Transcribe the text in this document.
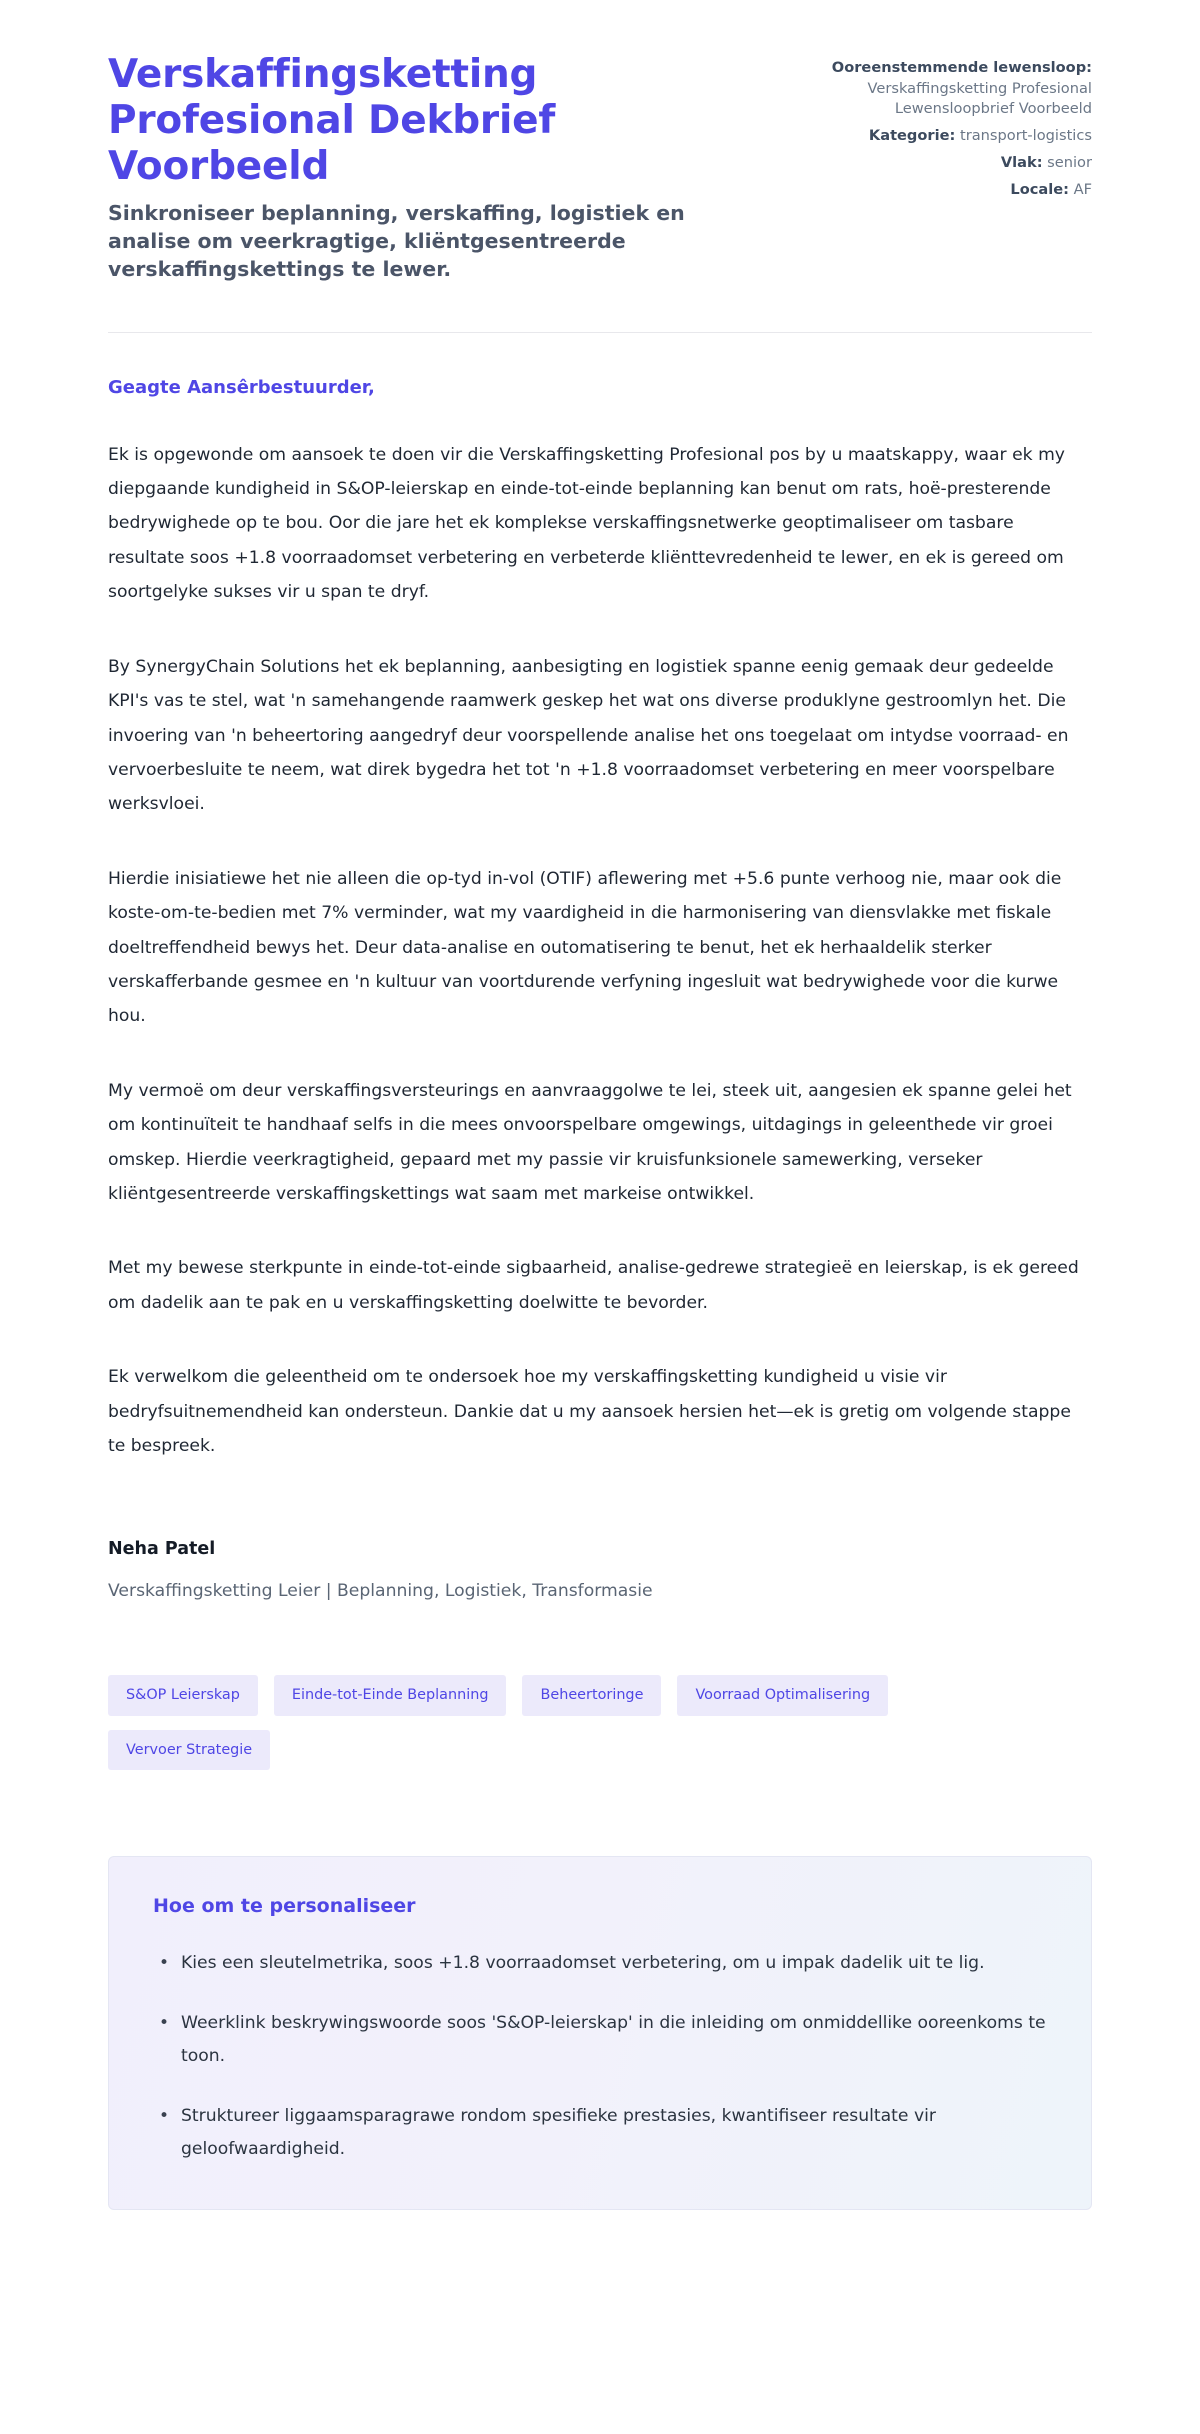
Verskaffingsketting Profesional Dekbrief Voorbeeld

Sinkroniseer beplanning, verskaffing, logistiek en analise om veerkragtige, kliëntgesentreerde verskaffingskettings te lewer.

Ooreenstemmende lewensloop: Verskaffingsketting Profesional Lewensloopbrief Voorbeeld
Kategorie: transport-logistics
Vlak: senior
Locale: AF

Geagte Aansêrbestuurder,

Ek is opgewonde om aansoek te doen vir die Verskaffingsketting Profesional pos by u maatskappy, waar ek my diepgaande kundigheid in S&OP-leierskap en einde-tot-einde beplanning kan benut om rats, hoë-presterende bedrywighede op te bou. Oor die jare het ek komplekse verskaffingsnetwerke geoptimaliseer om tasbare resultate soos +1.8 voorraadomset verbetering en verbeterde kliënttevredenheid te lewer, en ek is gereed om soortgelyke sukses vir u span te dryf.

By SynergyChain Solutions het ek beplanning, aanbesigting en logistiek spanne eenig gemaak deur gedeelde KPI's vas te stel, wat 'n samehangende raamwerk geskep het wat ons diverse produklyne gestroomlyn het. Die invoering van 'n beheertoring aangedryf deur voorspellende analise het ons toegelaat om intydse voorraad- en vervoerbesluite te neem, wat direk bygedra het tot 'n +1.8 voorraadomset verbetering en meer voorspelbare werksvloei.

Hierdie inisiatiewe het nie alleen die op-tyd in-vol (OTIF) aflewering met +5.6 punte verhoog nie, maar ook die koste-om-te-bedien met 7% verminder, wat my vaardigheid in die harmonisering van diensvlakke met fiskale doeltreffendheid bewys het. Deur data-analise en outomatisering te benut, het ek herhaaldelik sterker verskafferbande gesmee en 'n kultuur van voortdurende verfyning ingesluit wat bedrywighede voor die kurwe hou.

My vermoë om deur verskaffingsversteurings en aanvraaggolwe te lei, steek uit, aangesien ek spanne gelei het om kontinuïteit te handhaaf selfs in die mees onvoorspelbare omgewings, uitdagings in geleenthede vir groei omskep. Hierdie veerkragtigheid, gepaard met my passie vir kruisfunksionele samewerking, verseker kliëntgesentreerde verskaffingskettings wat saam met markeise ontwikkel.

Met my bewese sterkpunte in einde-tot-einde sigbaarheid, analise-gedrewe strategieë en leierskap, is ek gereed om dadelik aan te pak en u verskaffingsketting doelwitte te bevorder.

Ek verwelkom die geleentheid om te ondersoek hoe my verskaffingsketting kundigheid u visie vir bedryfsuitnemendheid kan ondersteun. Dankie dat u my aansoek hersien het—ek is gretig om volgende stappe te bespreek.

Neha Patel

Verskaffingsketting Leier | Beplanning, Logistiek, Transformasie

S&OP Leierskap	Einde-tot-Einde Beplanning	Beheertoringe	Voorraad Optimalisering
Vervoer Strategie
Hoe om te personaliseer
• Kies een sleutelmetrika, soos +1.8 voorraadomset verbetering, om u impak dadelik uit te lig.
• Weerklink beskrywingswoorde soos 'S&OP-leierskap' in die inleiding om onmiddellike ooreenkoms te toon.
• Struktureer liggaamsparagrawe rondom spesifieke prestasies, kwantifiseer resultate vir geloofwaardigheid.
